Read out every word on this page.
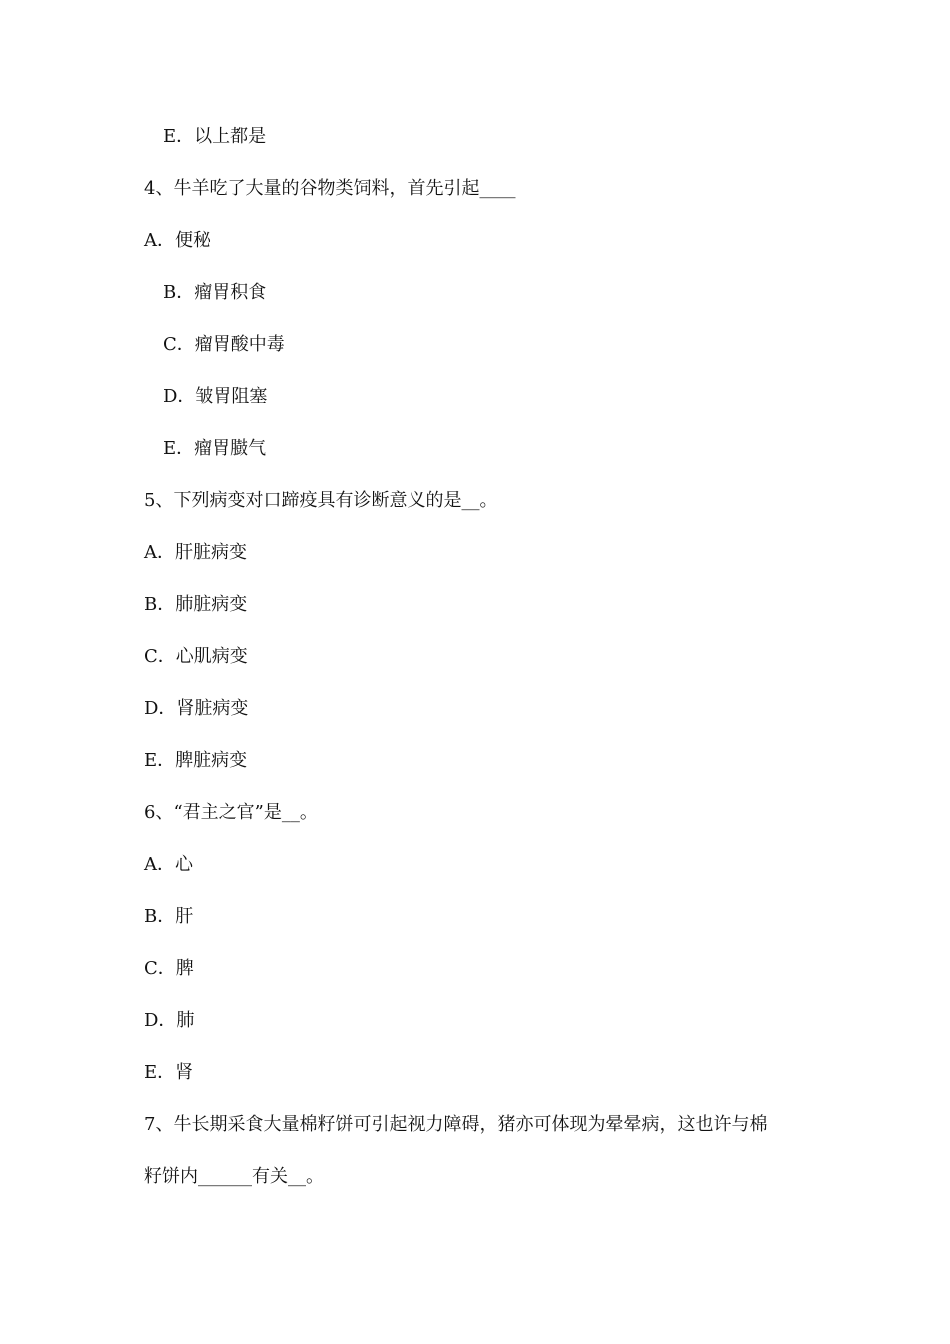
E．以上都是
4、牛羊吃了大量的谷物类饲料，首先引起____
A．便秘
B．瘤胃积食
C．瘤胃酸中毒
D．皱胃阻塞
E．瘤胃臌气
5、下列病变对口蹄疫具有诊断意义的是__。
A．肝脏病变
B．肺脏病变
C．心肌病变
D．肾脏病变
E．脾脏病变
6、“君主之官”是__。
A．心
B．肝
C．脾
D．肺
E．肾
7、牛长期采食大量棉籽饼可引起视力障碍，猪亦可体现为晕晕病，这也许与棉
籽饼内______有关__。
